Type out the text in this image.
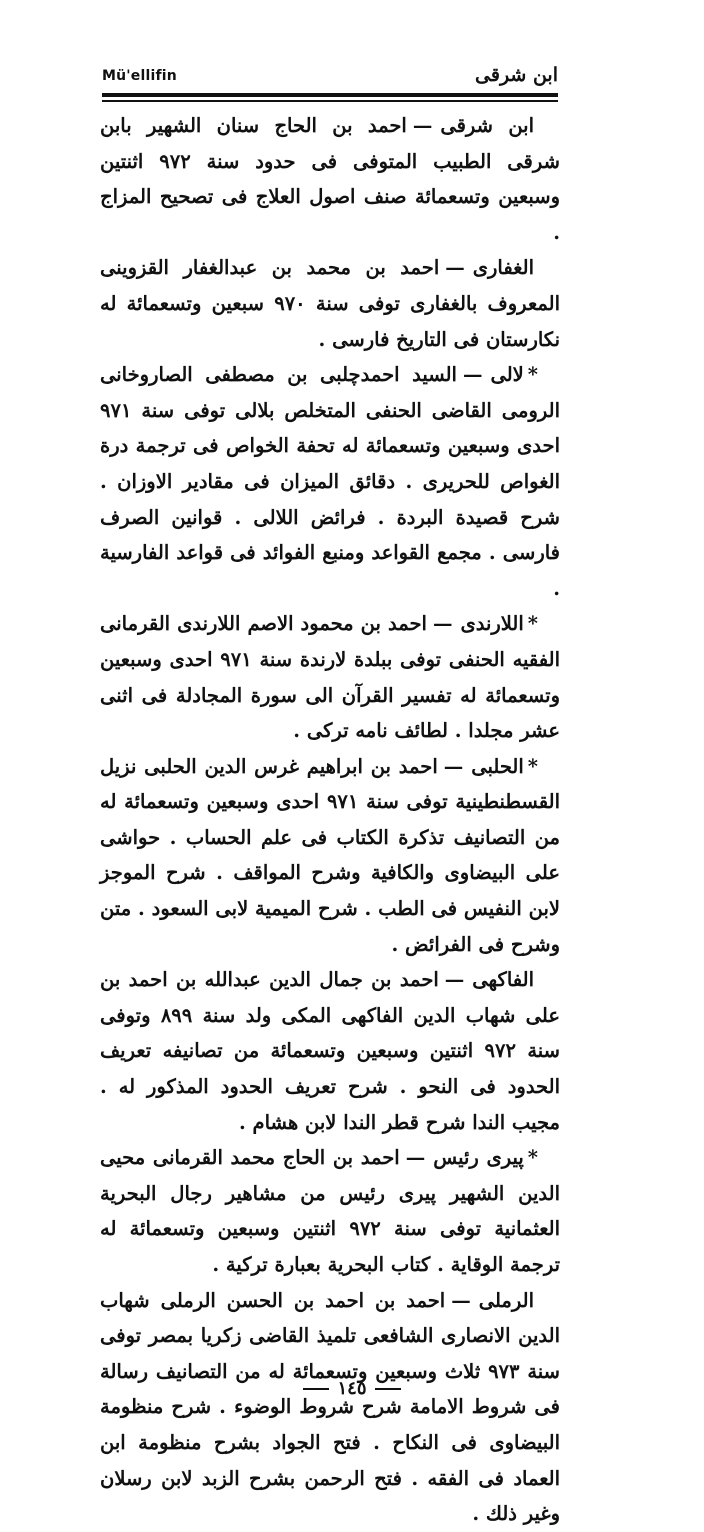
Mü'ellifin	ابن شرقى

ابن شرقى—احمد بن الحاج سنان الشهير بابن شرقى الطبيب المتوفى فى حدود سنة ٩٧٢ اثنتين وسبعين وتسعمائة صنف اصول العلاج فى تصحيح المزاج .

الغفارى—احمد بن محمد بن عبدالغفار القزوينى المعروف بالغفارى توفى سنة ٩٧٠ سبعين وتسعمائة له نكارستان فى التاريخ فارسى .

*لالى—السيد احمدچلبى بن مصطفى الصاروخانى الرومى القاضى الحنفى المتخلص بلالى توفى سنة ٩٧١ احدى وسبعين وتسعمائة له تحفة الخواص فى ترجمة درة الغواص للحريرى . دقائق الميزان فى مقادير الاوزان . شرح قصيدة البردة . فرائض اللالى . قوانين الصرف فارسى . مجمع القواعد ومنبع الفوائد فى قواعد الفارسية .

*اللارندى—احمد بن محمود الاصم اللارندى القرمانى الفقيه الحنفى توفى ببلدة لارندة سنة ٩٧١ احدى وسبعين وتسعمائة له تفسير القرآن الى سورة المجادلة فى اثنى عشر مجلدا . لطائف نامه تركى .

*الحلبى—احمد بن ابراهيم غرس الدين الحلبى نزيل القسطنطينية توفى سنة ٩٧١ احدى وسبعين وتسعمائة له من التصانيف تذكرة الكتاب فى علم الحساب . حواشى على البيضاوى والكافية وشرح المواقف . شرح الموجز لابن النفيس فى الطب . شرح الميمية لابى السعود . متن وشرح فى الفرائض .

الفاكهى—احمد بن جمال الدين عبدالله بن احمد بن على شهاب الدين الفاكهى المكى ولد سنة ٨٩٩ وتوفى سنة ٩٧٢ اثنتين وسبعين وتسعمائة من تصانيفه تعريف الحدود فى النحو . شرح تعريف الحدود المذكور له . مجيب الندا شرح قطر الندا لابن هشام .

*پيرى رئيس—احمد بن الحاج محمد القرمانى محيى الدين الشهير پيرى رئيس من مشاهير رجال البحرية العثمانية توفى سنة ٩٧٢ اثنتين وسبعين وتسعمائة له ترجمة الوقاية . كتاب البحرية بعبارة تركية .

الرملى—احمد بن احمد بن الحسن الرملى شهاب الدين الانصارى الشافعى تلميذ القاضى زكريا بمصر توفى سنة ٩٧٣ ثلاث وسبعين وتسعمائة له من التصانيف رسالة فى شروط الامامة شرح شروط الوضوء . شرح منظومة البيضاوى فى النكاح . فتح الجواد بشرح منظومة ابن العماد فى الفقه . فتح الرحمن بشرح الزبد لابن رسلان وغير ذلك .

١٤٥
